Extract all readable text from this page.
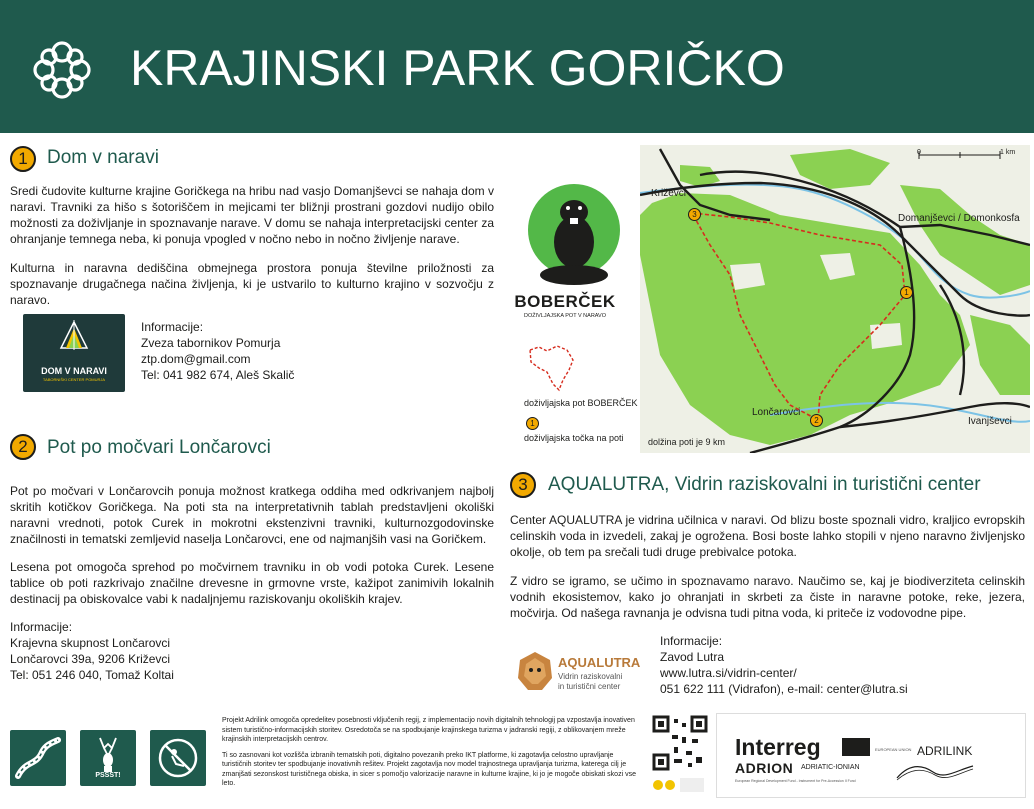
KRAJINSKI PARK GORIČKO
1	Dom v naravi
Sredi čudovite kulturne krajine Goričkega na hribu nad vasjo Domanjševci se nahaja dom v naravi. Travniki za hišo s šotoriščem in mejicami ter bližnji prostrani gozdovi nudijo obilo možnosti za doživljanje in spoznavanje narave. V domu se nahaja interpretacijski center za ohranjanje temnega neba, ki ponuja vpogled v nočno nebo in nočno življenje narave.
Kulturna in naravna dediščina obmejnega prostora ponuja številne priložnosti za spoznavanje drugačnega načina življenja, ki je ustvarilo to kulturno krajino v sozvočju z naravo.
DOM V NARAVI
TABORNIŠKI CENTER POMURJA
Informacije:
Zveza tabornikov Pomurja
ztp.dom@gmail.com
Tel: 041 982 674, Aleš Skalič
2	Pot po močvari Lončarovci
Pot po močvari v Lončarovcih ponuja možnost kratkega oddiha med odkrivanjem najbolj skritih kotičkov Goričkega. Na poti sta na interpretativnih tablah predstavljeni okoliški naravni vrednoti, potok Curek in mokrotni ekstenzivni travniki, kulturnozgodovinske značilnosti in tematski zemljevid naselja Lončarovci, ene od najmanjših vasi na Goričkem.
Lesena pot omogoča sprehod po močvirnem travniku in ob vodi potoka Curek. Lesene tablice ob poti razkrivajo značilne drevesne in grmovne vrste, kažipot zanimivih lokalnih destinacij pa obiskovalce vabi k nadaljnjemu raziskovanju okoliških krajev.
Informacije:
Krajevna skupnost Lončarovci
Lončarovci 39a, 9206 Križevci
Tel: 051 246 040, Tomaž Koltai
BOBERČEK
DOŽIVLJAJSKA POT V NARAVO
doživljajska pot BOBERČEK
1
doživljajska točka na poti
0	1 km
Križevci
Domanjševci / Domonkosfa
Lončarovci
Ivanjševci
1
2
3
dolžina poti je 9 km
3	AQUALUTRA, Vidrin raziskovalni in turistični center
Center AQUALUTRA je vidrina učilnica v naravi. Od blizu boste spoznali vidro, kraljico evropskih celinskih voda in izvedeli, zakaj je ogrožena. Bosi boste lahko stopili v njeno naravno življenjsko okolje, ob tem pa srečali tudi druge prebivalce potoka.
Z vidro se igramo, se učimo in spoznavamo naravo. Naučimo se, kaj je biodiverziteta celinskih vodnih ekosistemov, kako jo ohranjati in skrbeti za čiste in naravne potoke, reke, jezera, močvirja. Od našega ravnanja je odvisna tudi pitna voda, ki priteče iz vodovodne pipe.
AQUALUTRA
Vidrin raziskovalni
in turistični center
Informacije:
Zavod Lutra
www.lutra.si/vidrin-center/
051 622 111 (Vidrafon), e-mail: center@lutra.si
PSSST!

Projekt Adrilink omogoča opredelitev posebnosti vključenih regij, z implementacijo novih digitalnih tehnologij pa vzpostavlja inovativen sistem turistično-informacijskih storitev. Osredotoča se na spodbujanje krajinskega turizma v jadranski regiji, z oblikovanjem mreže krajinskih interpretacijskih centrov.

Ti so zasnovani kot vozlišča izbranih tematskih poti, digitalno povezanih preko IKT platforme, ki zagotavlja celostno upravljanje turističnih storitev ter spodbujanje inovativnih rešitev. Projekt zagotavlja nov model trajnostnega upravljanja turizma, katerega cilj je zmanjšati sezonskost turističnega obiska, in sicer s pomočjo valorizacije naravne in kulturne krajine, ki jo je mogoče obiskati skozi vse leto.

Interreg	EUROPEAN UNION
ADRION ADRIATIC-IONIAN
European Regional Development Fund - Instrument for Pre-Accession II Fund
ADRILINK
